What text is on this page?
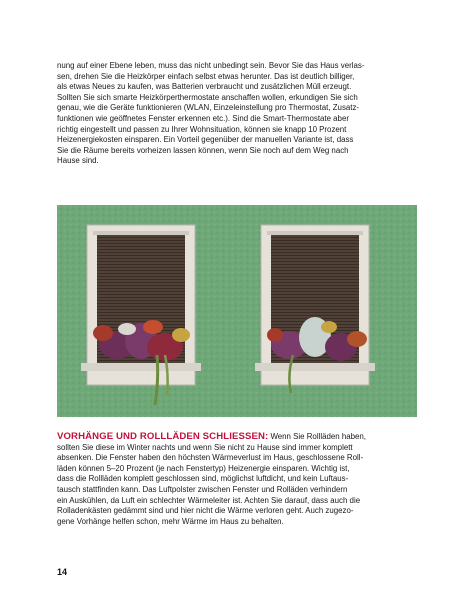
nung auf einer Ebene leben, muss das nicht unbedingt sein. Bevor Sie das Haus verlas-
sen, drehen Sie die Heizkörper einfach selbst etwas herunter. Das ist deutlich billiger,
als etwas Neues zu kaufen, was Batterien verbraucht und zusätzlichen Müll erzeugt.
Sollten Sie sich smarte Heizkörperthermostate anschaffen wollen, erkundigen Sie sich
genau, wie die Geräte funktionieren (WLAN, Einzeleinstellung pro Thermostat, Zusatz-
funktionen wie geöffnetes Fenster erkennen etc.). Sind die Smart-Thermostate aber
richtig eingestellt und passen zu Ihrer Wohnsituation, können sie knapp 10 Prozent
Heizenergiekosten einsparen. Ein Vorteil gegenüber der manuellen Variante ist, dass
Sie die Räume bereits vorheizen lassen können, wenn Sie noch auf dem Weg nach
Hause sind.
VORHÄNGE UND ROLLLÄDEN SCHLIESSEN: Wenn Sie Rollläden haben,
sollten Sie diese im Winter nachts und wenn Sie nicht zu Hause sind immer komplett
absenken. Die Fenster haben den höchsten Wärmeverlust im Haus, geschlossene Roll-
läden können 5–20 Prozent (je nach Fenstertyp) Heizenergie einsparen. Wichtig ist,
dass die Rollläden komplett geschlossen sind, möglichst luftdicht, und kein Luftaus-
tausch stattfinden kann. Das Luftpolster zwischen Fenster und Rolläden verhindern
ein Auskühlen, da Luft ein schlechter Wärmeleiter ist. Achten Sie darauf, dass auch die
Rolladenkästen gedämmt sind und hier nicht die Wärme verloren geht. Auch zugezo-
gene Vorhänge helfen schon, mehr Wärme im Haus zu behalten.
14
